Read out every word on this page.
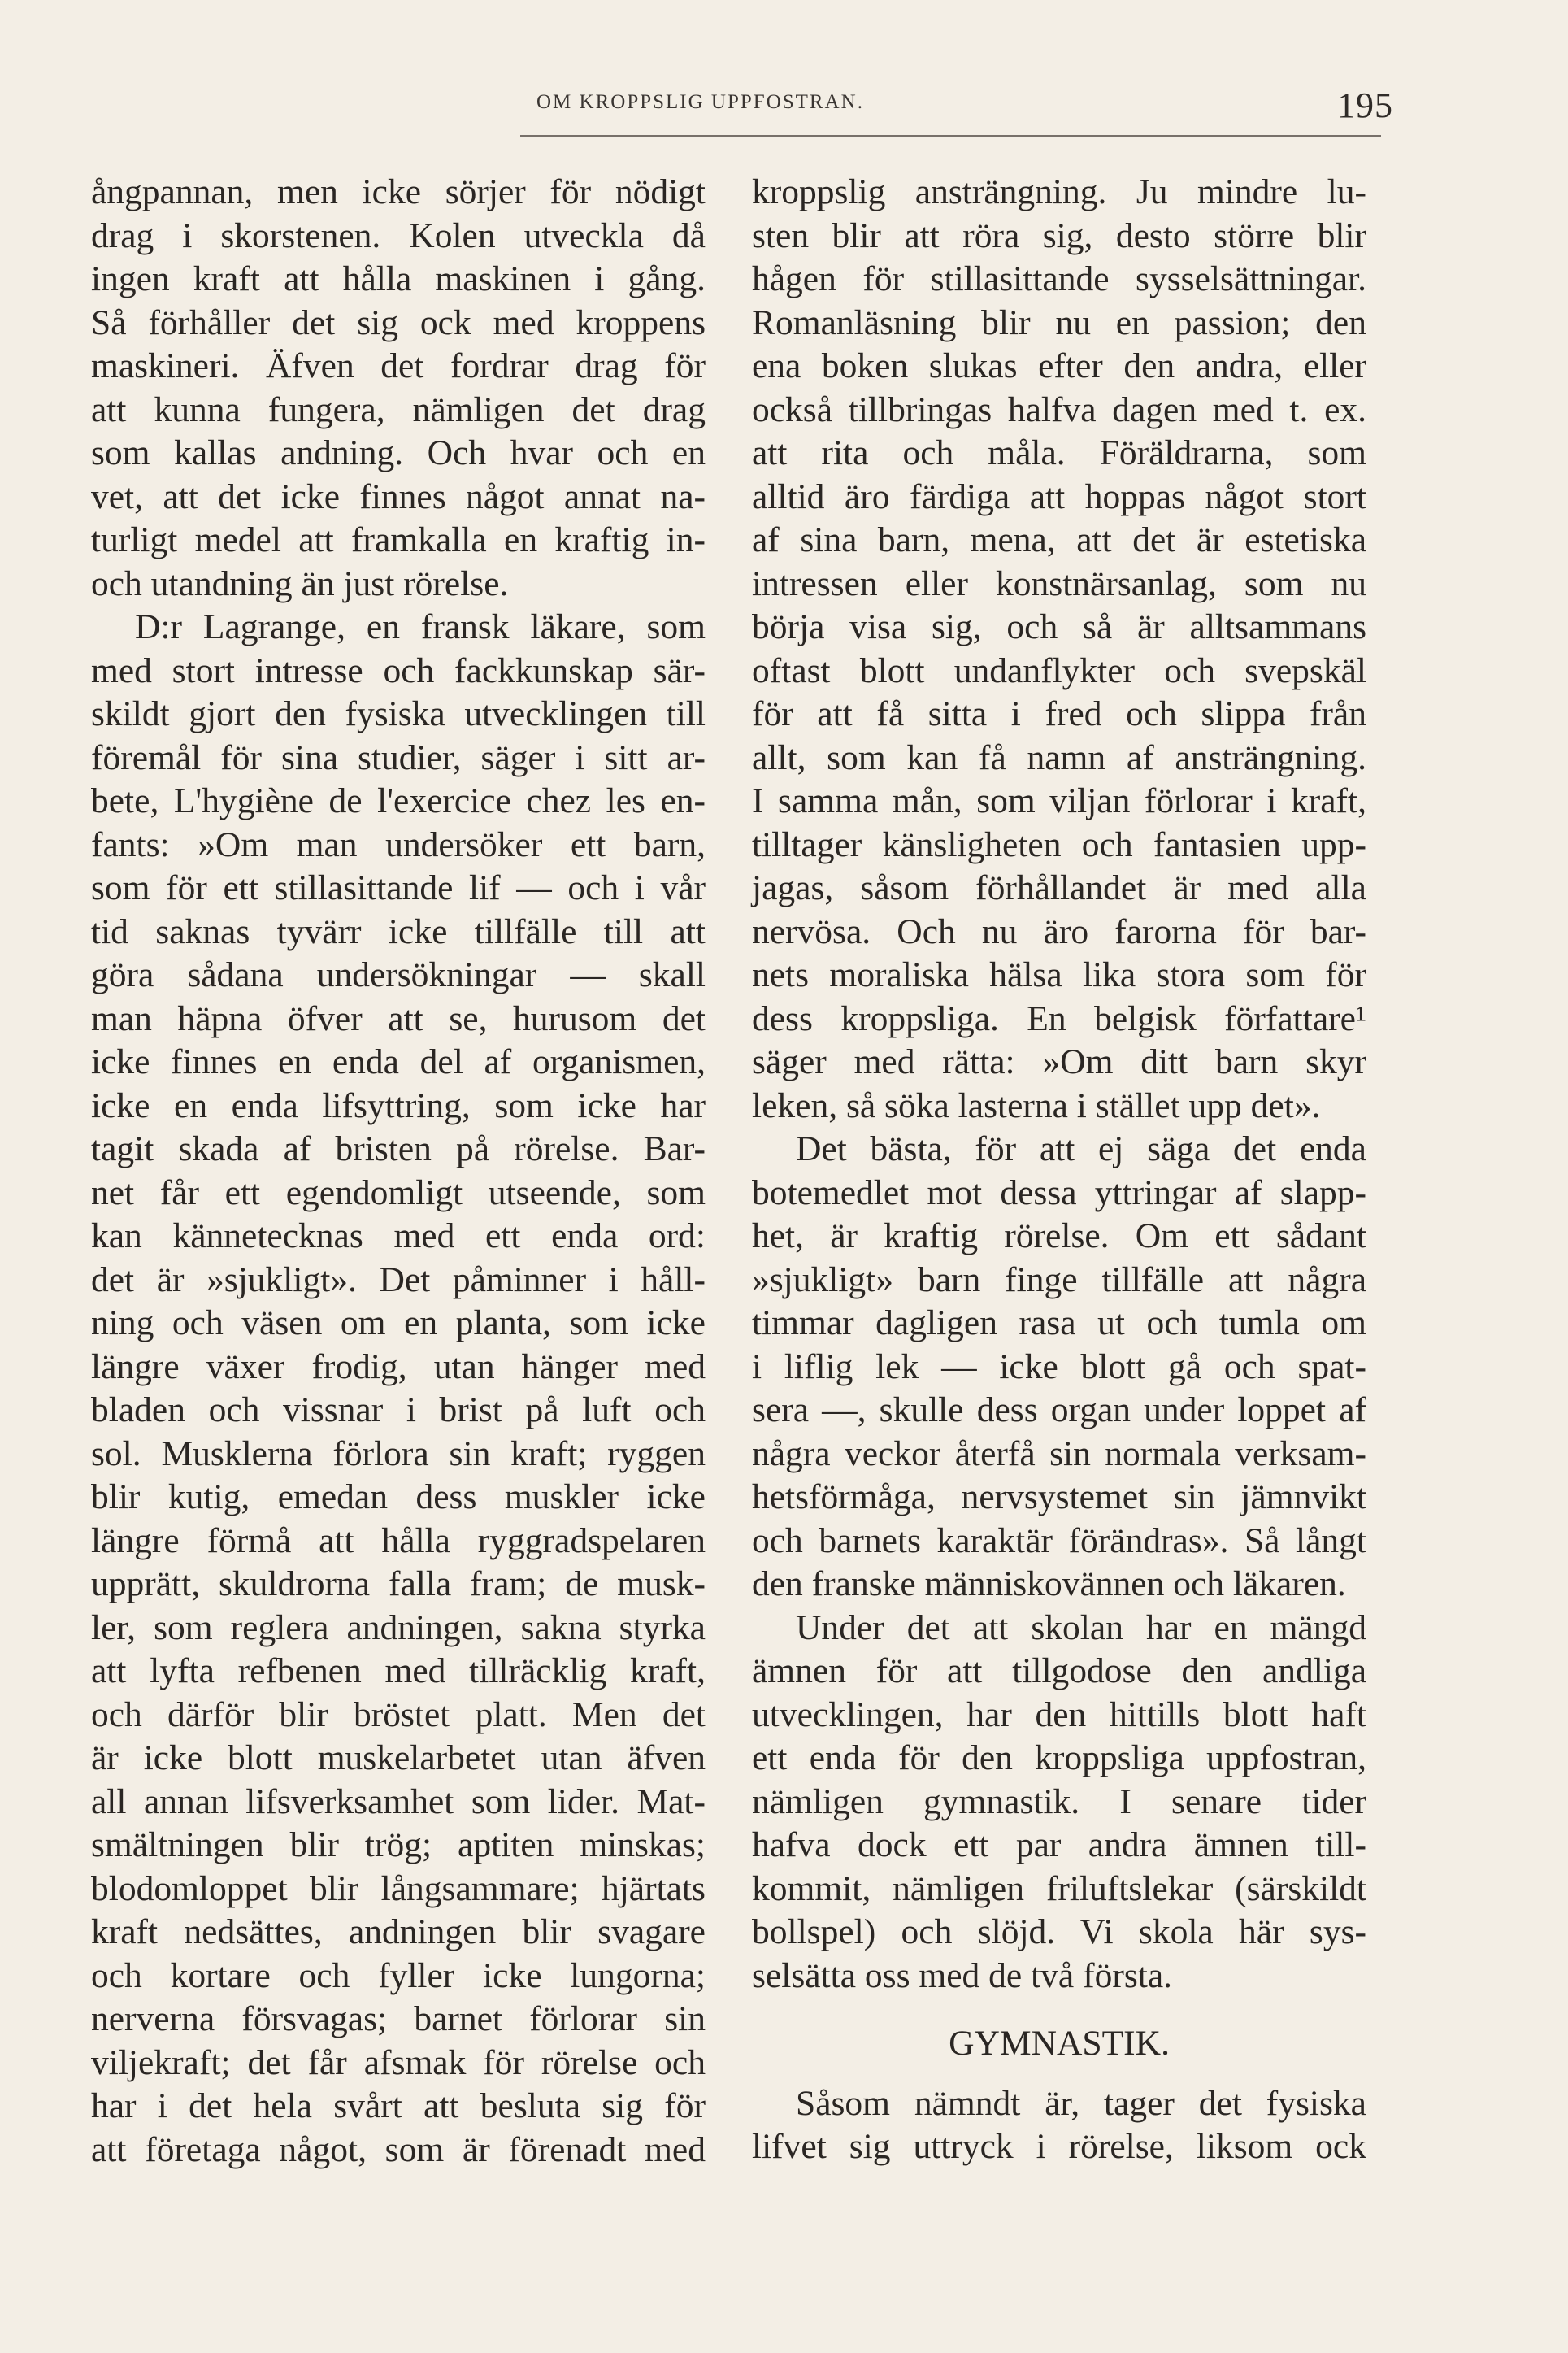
OM KROPPSLIG UPPFOSTRAN.	195
ångpannan, men icke sörjer för nödigt
drag i skorstenen. Kolen utveckla då
ingen kraft att hålla maskinen i gång.
Så förhåller det sig ock med kroppens
maskineri. Äfven det fordrar drag för
att kunna fungera, nämligen det drag
som kallas andning. Och hvar och en
vet, att det icke finnes något annat na-
turligt medel att framkalla en kraftig in-
och utandning än just rörelse.
D:r Lagrange, en fransk läkare, som
med stort intresse och fackkunskap sär-
skildt gjort den fysiska utvecklingen till
föremål för sina studier, säger i sitt ar-
bete, L'hygiène de l'exercice chez les en-
fants: »Om man undersöker ett barn,
som för ett stillasittande lif — och i vår
tid saknas tyvärr icke tillfälle till att
göra sådana undersökningar — skall
man häpna öfver att se, hurusom det
icke finnes en enda del af organismen,
icke en enda lifsyttring, som icke har
tagit skada af bristen på rörelse. Bar-
net får ett egendomligt utseende, som
kan kännetecknas med ett enda ord:
det är »sjukligt». Det påminner i håll-
ning och väsen om en planta, som icke
längre växer frodig, utan hänger med
bladen och vissnar i brist på luft och
sol. Musklerna förlora sin kraft; ryggen
blir kutig, emedan dess muskler icke
längre förmå att hålla ryggradspelaren
upprätt, skuldrorna falla fram; de musk-
ler, som reglera andningen, sakna styrka
att lyfta refbenen med tillräcklig kraft,
och därför blir bröstet platt. Men det
är icke blott muskelarbetet utan äfven
all annan lifsverksamhet som lider. Mat-
smältningen blir trög; aptiten minskas;
blodomloppet blir långsammare; hjärtats
kraft nedsättes, andningen blir svagare
och kortare och fyller icke lungorna;
nerverna försvagas; barnet förlorar sin
viljekraft; det får afsmak för rörelse och
har i det hela svårt att besluta sig för
att företaga något, som är förenadt med
kroppslig ansträngning. Ju mindre lu-
sten blir att röra sig, desto större blir
hågen för stillasittande sysselsättningar.
Romanläsning blir nu en passion; den
ena boken slukas efter den andra, eller
också tillbringas halfva dagen med t. ex.
att rita och måla. Föräldrarna, som
alltid äro färdiga att hoppas något stort
af sina barn, mena, att det är estetiska
intressen eller konstnärsanlag, som nu
börja visa sig, och så är alltsammans
oftast blott undanflykter och svepskäl
för att få sitta i fred och slippa från
allt, som kan få namn af ansträngning.
I samma mån, som viljan förlorar i kraft,
tilltager känsligheten och fantasien upp-
jagas, såsom förhållandet är med alla
nervösa. Och nu äro farorna för bar-
nets moraliska hälsa lika stora som för
dess kroppsliga. En belgisk författare¹
säger med rätta: »Om ditt barn skyr
leken, så söka lasterna i stället upp det».
Det bästa, för att ej säga det enda
botemedlet mot dessa yttringar af slapp-
het, är kraftig rörelse. Om ett sådant
»sjukligt» barn finge tillfälle att några
timmar dagligen rasa ut och tumla om
i liflig lek — icke blott gå och spat-
sera —, skulle dess organ under loppet af
några veckor återfå sin normala verksam-
hetsförmåga, nervsystemet sin jämnvikt
och barnets karaktär förändras». Så långt
den franske människovännen och läkaren.
Under det att skolan har en mängd
ämnen för att tillgodose den andliga
utvecklingen, har den hittills blott haft
ett enda för den kroppsliga uppfostran,
nämligen gymnastik. I senare tider
hafva dock ett par andra ämnen till-
kommit, nämligen friluftslekar (särskildt
bollspel) och slöjd. Vi skola här sys-
selsätta oss med de två första.
GYMNASTIK.
Såsom nämndt är, tager det fysiska
lifvet sig uttryck i rörelse, liksom ock
